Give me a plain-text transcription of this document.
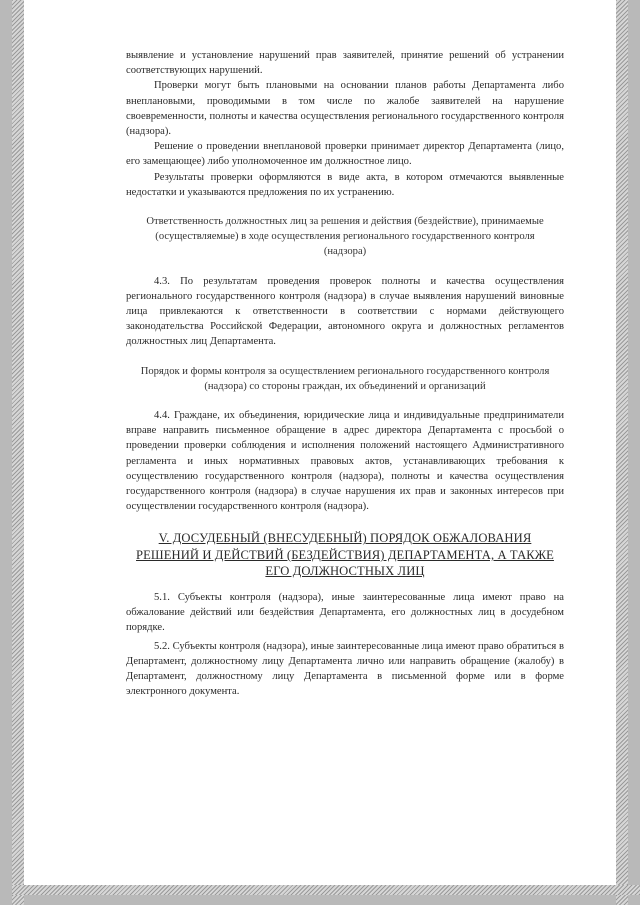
выявление и установление нарушений прав заявителей, принятие решений об устранении соответствующих нарушений.

Проверки могут быть плановыми на основании планов работы Департамента либо внеплановыми, проводимыми в том числе по жалобе заявителей на нарушение своевременности, полноты и качества осуществления регионального государственного контроля (надзора).

Решение о проведении внеплановой проверки принимает директор Департамента (лицо, его замещающее) либо уполномоченное им должностное лицо.

Результаты проверки оформляются в виде акта, в котором отмечаются выявленные недостатки и указываются предложения по их устранению.

Ответственность должностных лиц за решения и действия (бездействие), принимаемые (осуществляемые) в ходе осуществления регионального государственного контроля (надзора)

4.3. По результатам проведения проверок полноты и качества осуществления регионального государственного контроля (надзора) в случае выявления нарушений виновные лица привлекаются к ответственности в соответствии с нормами действующего законодательства Российской Федерации, автономного округа и должностных регламентов должностных лиц Департамента.

Порядок и формы контроля за осуществлением регионального государственного контроля (надзора) со стороны граждан, их объединений и организаций

4.4. Граждане, их объединения, юридические лица и индивидуальные предприниматели вправе направить письменное обращение в адрес директора Департамента с просьбой о проведении проверки соблюдения и исполнения положений настоящего Административного регламента и иных нормативных правовых актов, устанавливающих требования к осуществлению государственного контроля (надзора), полноты и качества осуществления государственного контроля (надзора) в случае нарушения их прав и законных интересов при осуществлении государственного контроля (надзора).

V. ДОСУДЕБНЫЙ (ВНЕСУДЕБНЫЙ) ПОРЯДОК ОБЖАЛОВАНИЯ РЕШЕНИЙ И ДЕЙСТВИЙ (БЕЗДЕЙСТВИЯ) ДЕПАРТАМЕНТА, А ТАКЖЕ ЕГО ДОЛЖНОСТНЫХ ЛИЦ

5.1. Субъекты контроля (надзора), иные заинтересованные лица имеют право на обжалование действий или бездействия Департамента, его должностных лиц в досудебном порядке.

5.2. Субъекты контроля (надзора), иные заинтересованные лица имеют право обратиться в Департамент, должностному лицу Департамента лично или направить обращение (жалобу) в Департамент, должностному лицу Департамента в письменной форме или в форме электронного документа.
